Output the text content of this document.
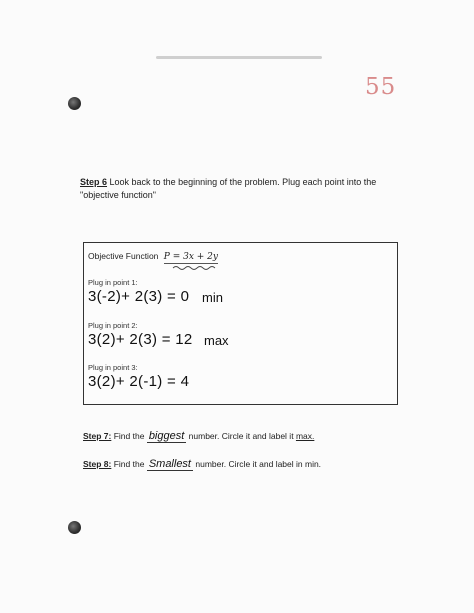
55
Step 6 Look back to the beginning of the problem. Plug each point into the "objective function"
Objective Function P = 3x + 2y
Plug in point 1:
3(-2)+ 2(3) = 0 min
Plug in point 2:
3(2)+ 2(3) = 12 max
Plug in point 3:
3(2)+ 2(-1) = 4
Step 7: Find the biggest number. Circle it and label it max.
Step 8: Find the Smallest number. Circle it and label in min.
